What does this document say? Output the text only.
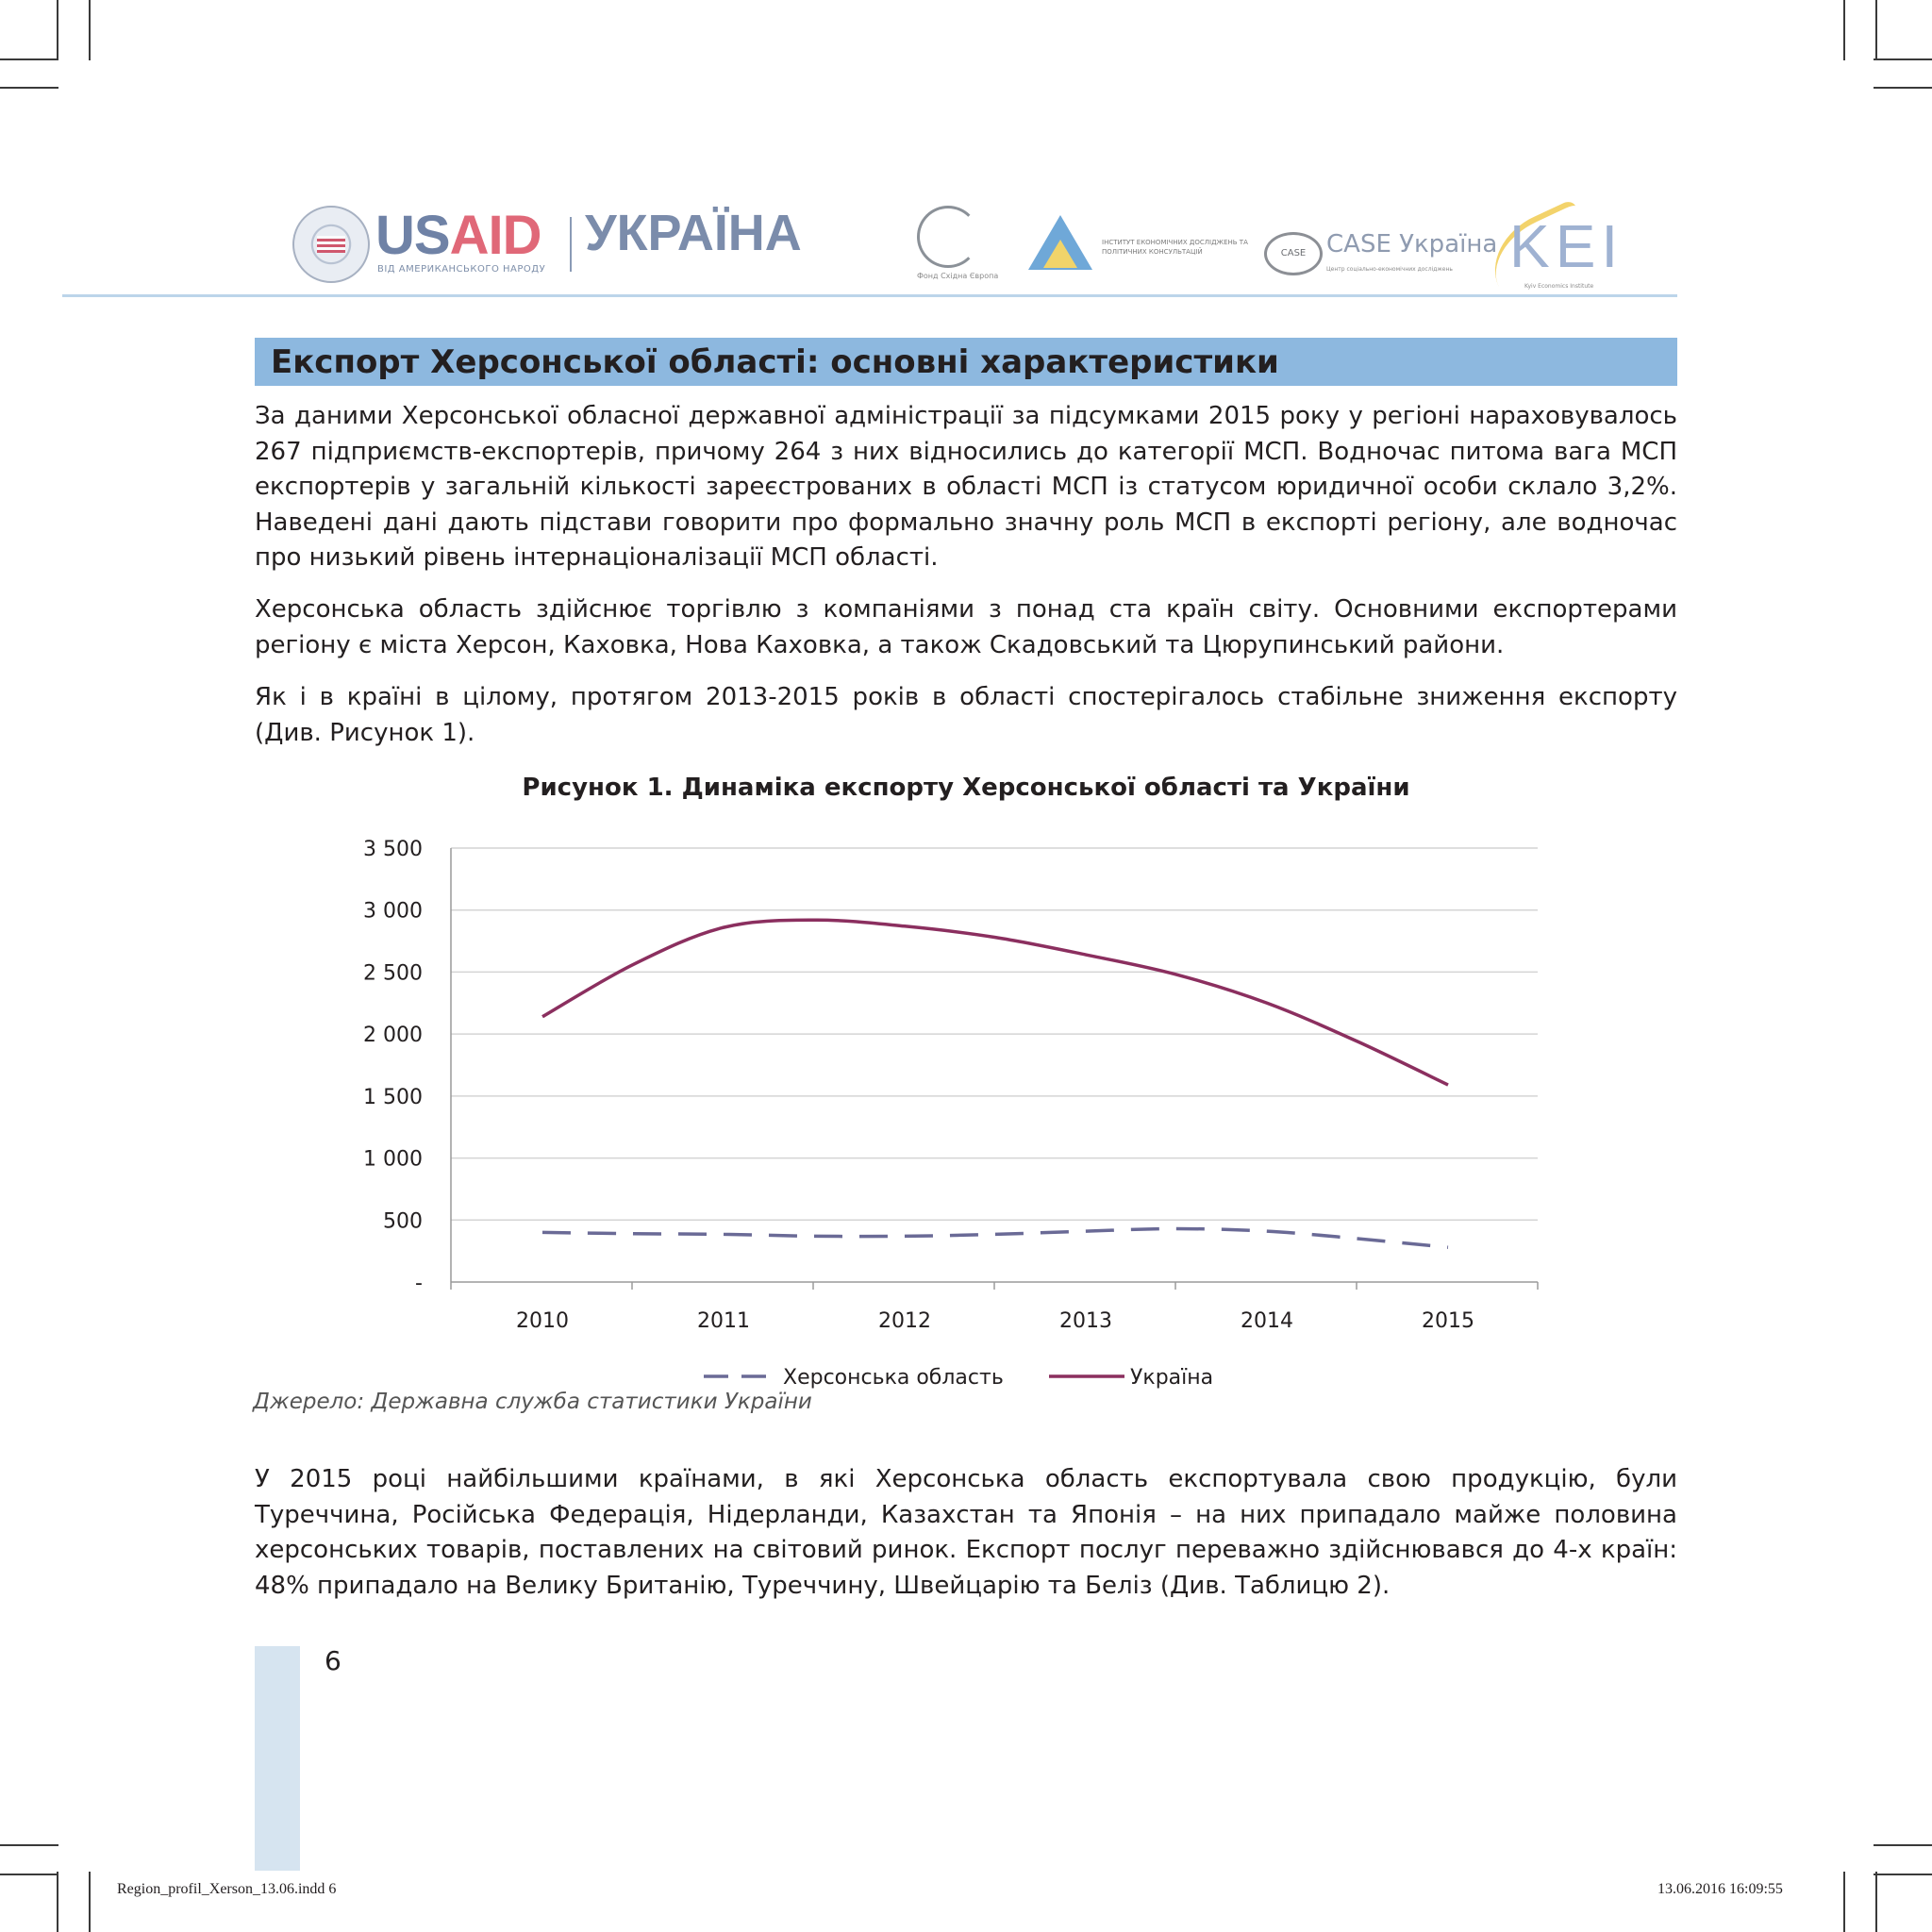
USAID
ВІД АМЕРИКАНСЬКОГО НАРОДУ
УКРАЇНА
Фонд Східна Європа
ІНСТИТУТ ЕКОНОМІЧНИХ ДОСЛІДЖЕНЬ ТА ПОЛІТИЧНИХ КОНСУЛЬТАЦІЙ	CASE CASE Україна
Центр соціально-економічних досліджень KEI
Kyiv Economics Institute
Експорт Херсонської області: основні характеристики

За даними Херсонської обласної державної адміністрації за підсумками 2015 року у регіоні нараховувалось 267 підприємств-експортерів, причому 264 з них відносились до категорії МСП. Водночас питома вага МСП експортерів у загальній кількості зареєстрованих в області МСП із статусом юридичної особи склало 3,2%. Наведені дані дають підстави говорити про формально значну роль МСП в експорті регіону, але водночас про низький рівень інтернаціоналізації МСП області.

Херсонська область здійснює торгівлю з компаніями з понад ста країн світу. Основними експортерами регіону є міста Херсон, Каховка, Нова Каховка, а також Скадовський та Цюрупинський райони.

Як і в країні в цілому, протягом 2013-2015 років в області спостерігалось стабільне зниження експорту (Див. Рисунок 1).

Рисунок 1. Динаміка експорту Херсонської області та України
-
500
1 000
1 500
2 000
2 500
3 000
3 500
2010	2011	2012	2013	2014	2015
Херсонська область	Україна
Джерело: Державна служба статистики України

У 2015 році найбільшими країнами, в які Херсонська область експортувала свою продукцію, були Туреччина, Російська Федерація, Нідерланди, Казахстан та Японія – на них припадало майже половина херсонських товарів, поставлених на світовий ринок. Експорт послуг переважно здійснювався до 4-х країн: 48% припадало на Велику Британію, Туреччину, Швейцарію та Беліз (Див. Таблицю 2).

6
Region_profil_Xerson_13.06.indd 6	13.06.2016 16:09:55
